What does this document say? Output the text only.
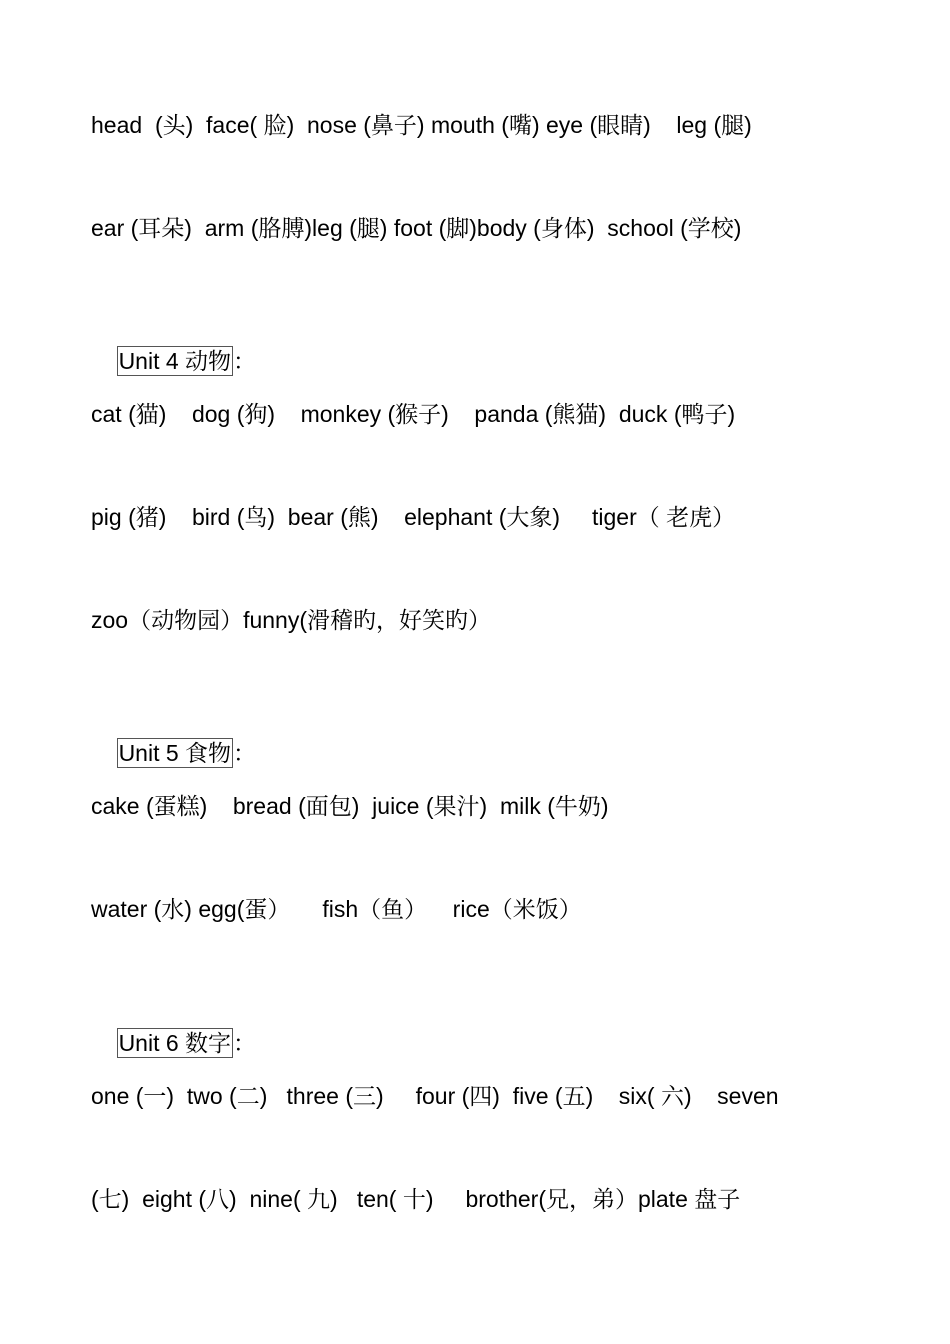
head  (头)  face( 脸)  nose (鼻子) mouth (嘴) eye (眼睛)    leg (腿)
ear (耳朵)  arm (胳膊)leg (腿) foot (脚)body (身体)  school (学校)

Unit 4 动物：

cat (猫)    dog (狗)    monkey (猴子)    panda (熊猫)  duck (鸭子)
pig (猪)    bird (鸟)  bear (熊)    elephant (大象)     tiger（ 老虎）
zoo（动物园）funny(滑稽旳，好笑旳）

Unit 5 食物：

cake (蛋糕)    bread (面包)  juice (果汁)  milk (牛奶)
water (水) egg(蛋）     fish（鱼）    rice（米饭）

Unit 6 数字：

one (一)  two (二)   three (三)     four (四)  five (五)    six( 六)    seven
(七)  eight (八)  nine( 九)   ten( 十)     brother(兄，弟）plate 盘子
